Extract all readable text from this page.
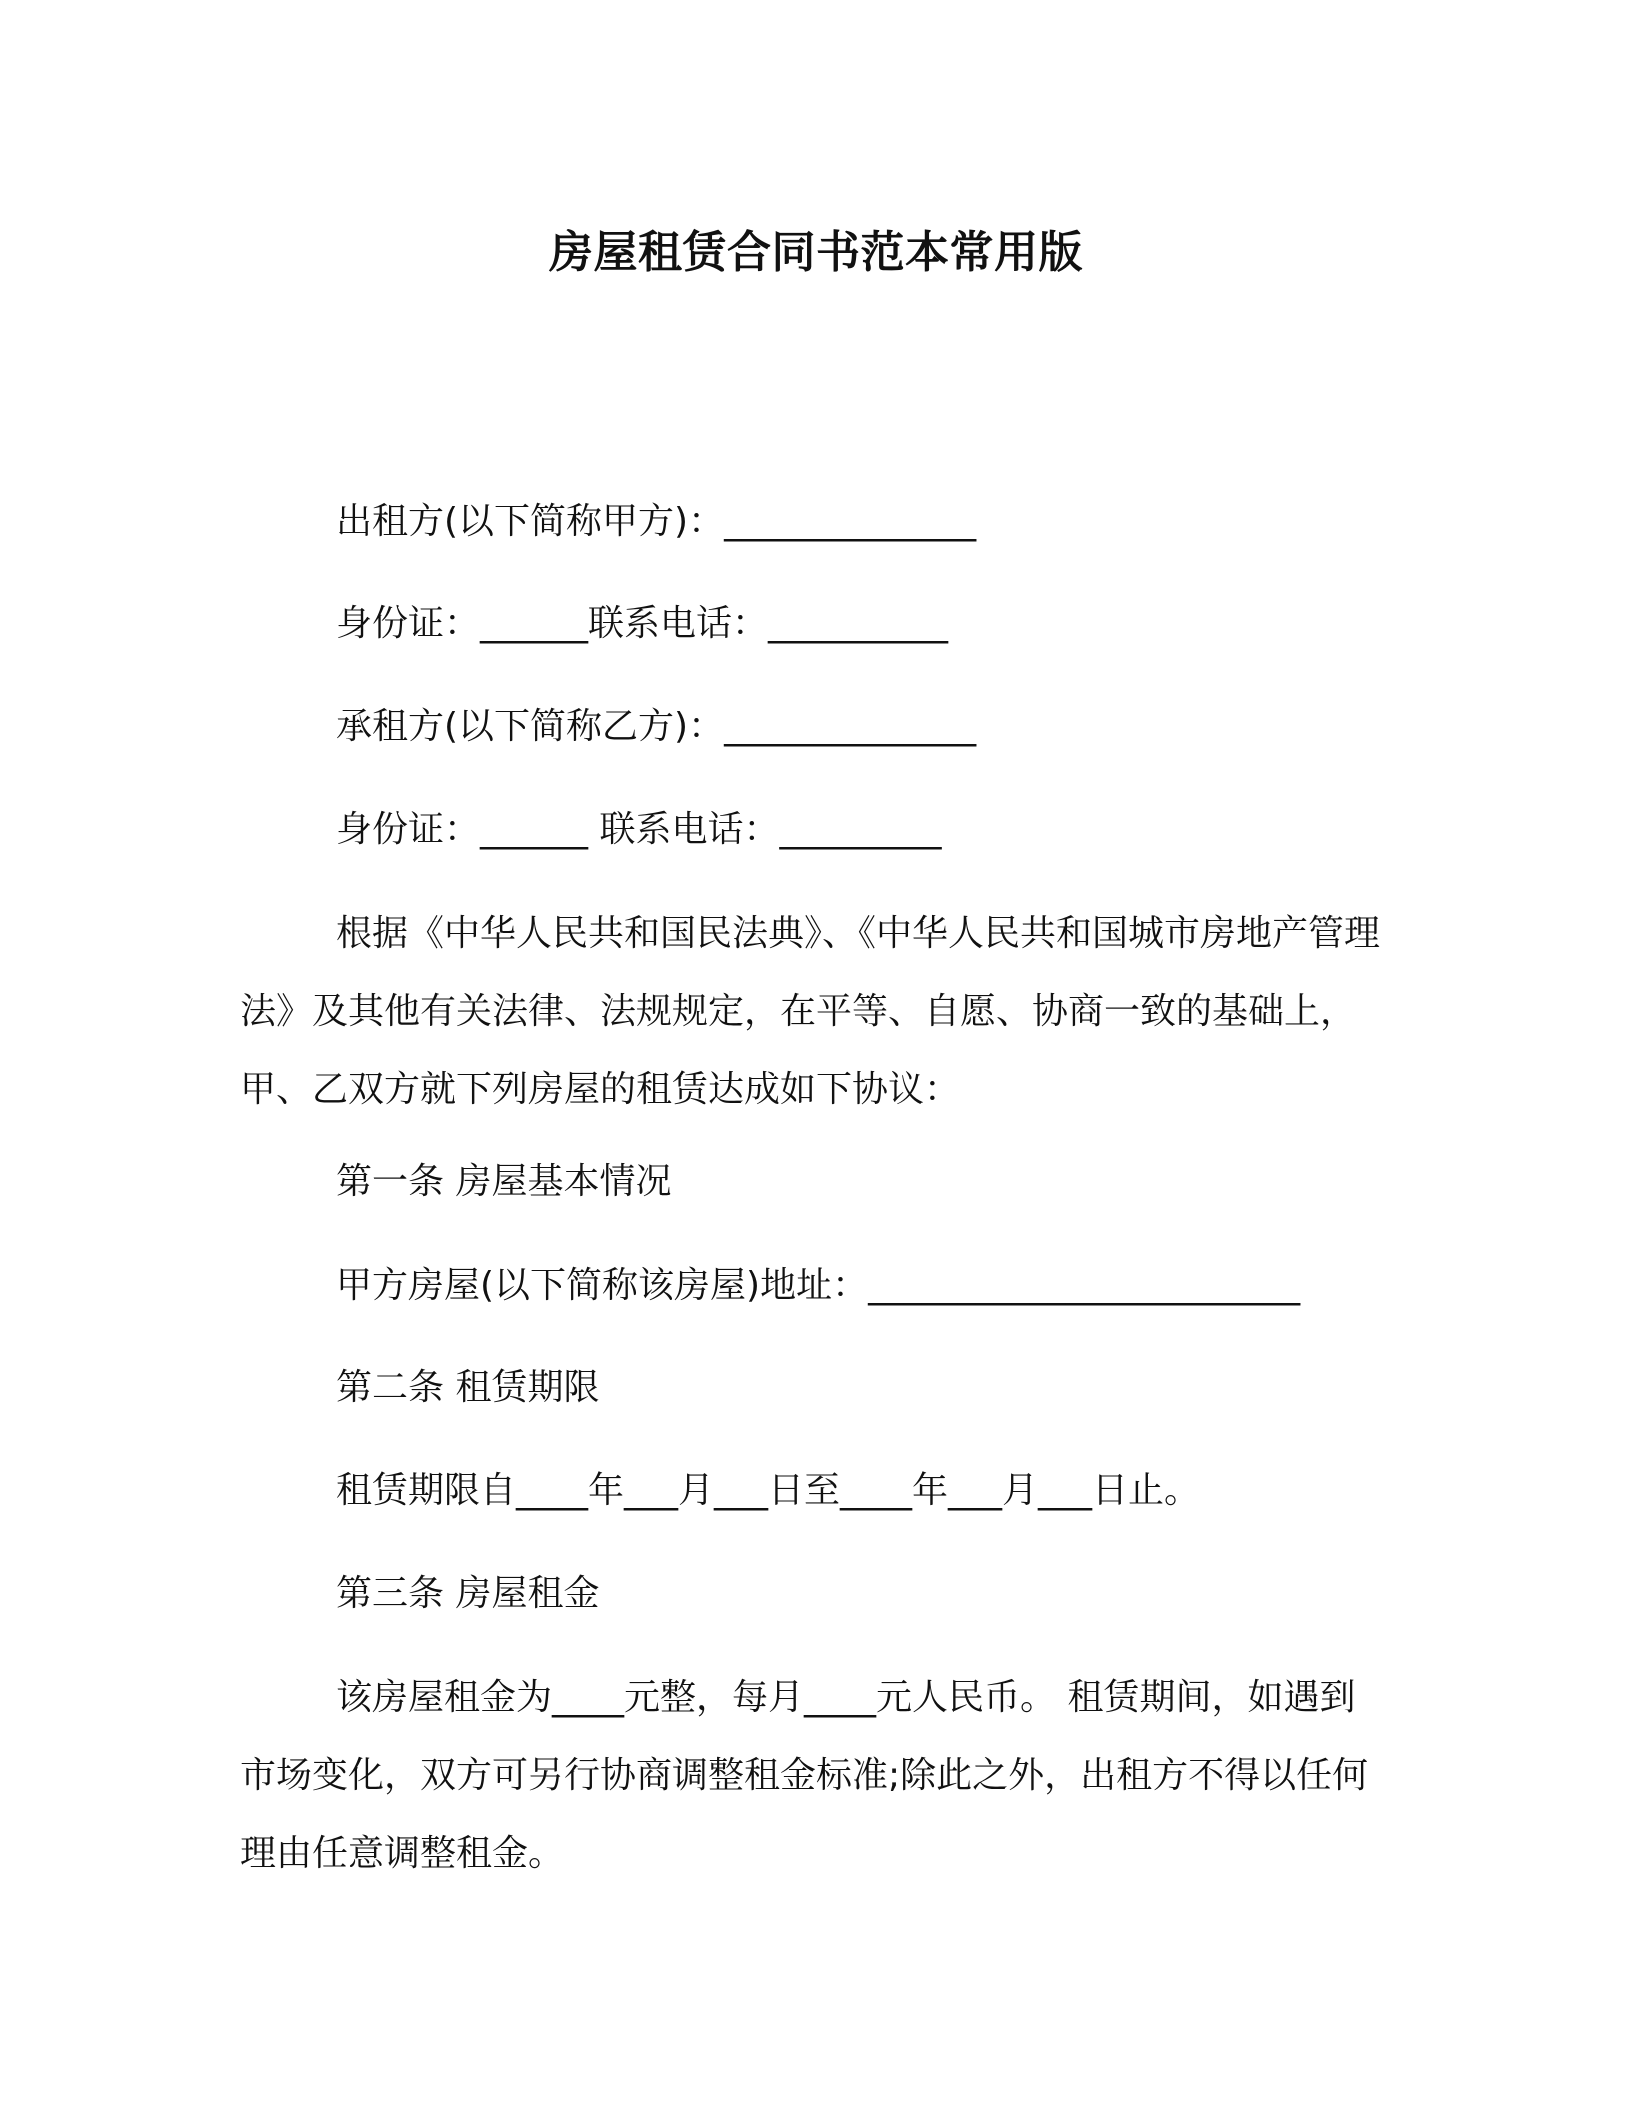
房屋租赁合同书范本常用版
出租方(以下简称甲方)：______________
身份证：______联系电话：__________
承租方(以下简称乙方)：______________
身份证：______ 联系电话：_________

根据《中华人民共和国民法典》、《中华人民共和国城市房地产管理法》及其他有关法律、法规规定，在平等、自愿、协商一致的基础上，甲、乙双方就下列房屋的租赁达成如下协议：

第一条 房屋基本情况
甲方房屋(以下简称该房屋)地址：________________________
第二条 租赁期限
租赁期限自____年___月___日至____年___月___日止。
第三条 房屋租金

该房屋租金为____元整，每月____元人民币。 租赁期间，如遇到市场变化，双方可另行协商调整租金标准;除此之外，出租方不得以任何理由任意调整租金。
